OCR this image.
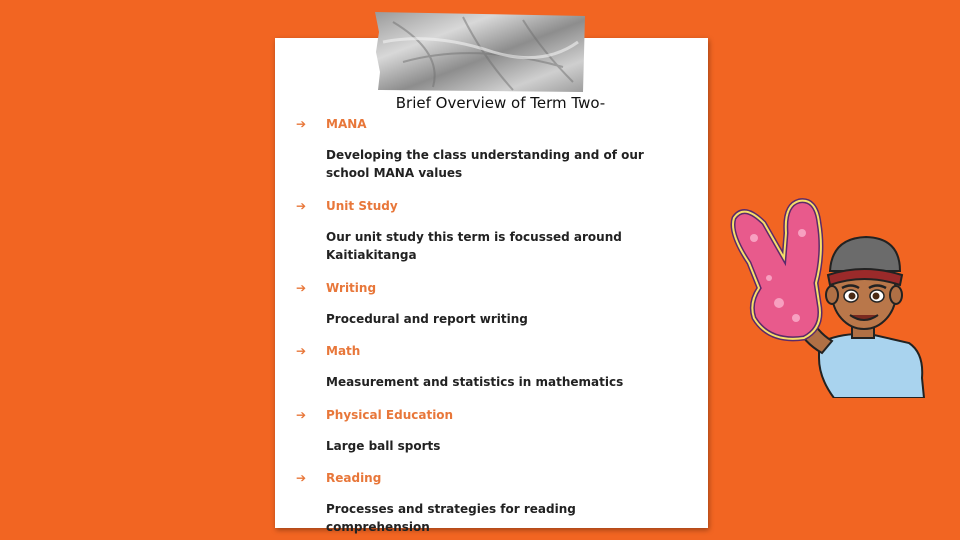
Brief Overview of Term Two-
➔ MANA
Developing the class understanding and of our school MANA values
➔ Unit Study
Our unit study this term is focussed around Kaitiakitanga
➔ Writing
Procedural and report writing
➔ Math
Measurement and statistics in mathematics
➔ Physical Education
Large ball sports
➔ Reading
Processes and strategies for reading comprehension
